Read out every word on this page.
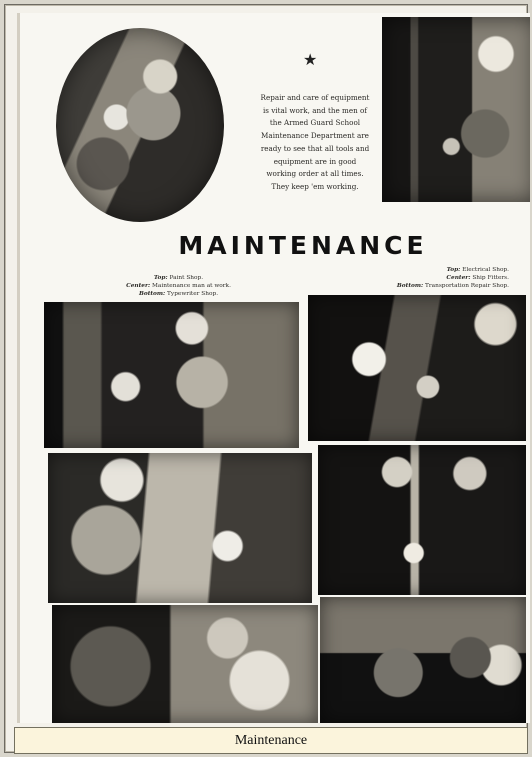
★
Repair and care of equipment is vital work, and the men of the Armed Guard School Maintenance Department are ready to see that all tools and equipment are in good working order at all times. They keep 'em working.
MAINTENANCE
Top: Paint Shop.
Center: Maintenance man at work.
Bottom: Typewriter Shop.
Top: Electrical Shop.
Center: Ship Fitters.
Bottom: Transportation Repair Shop.
Maintenance
